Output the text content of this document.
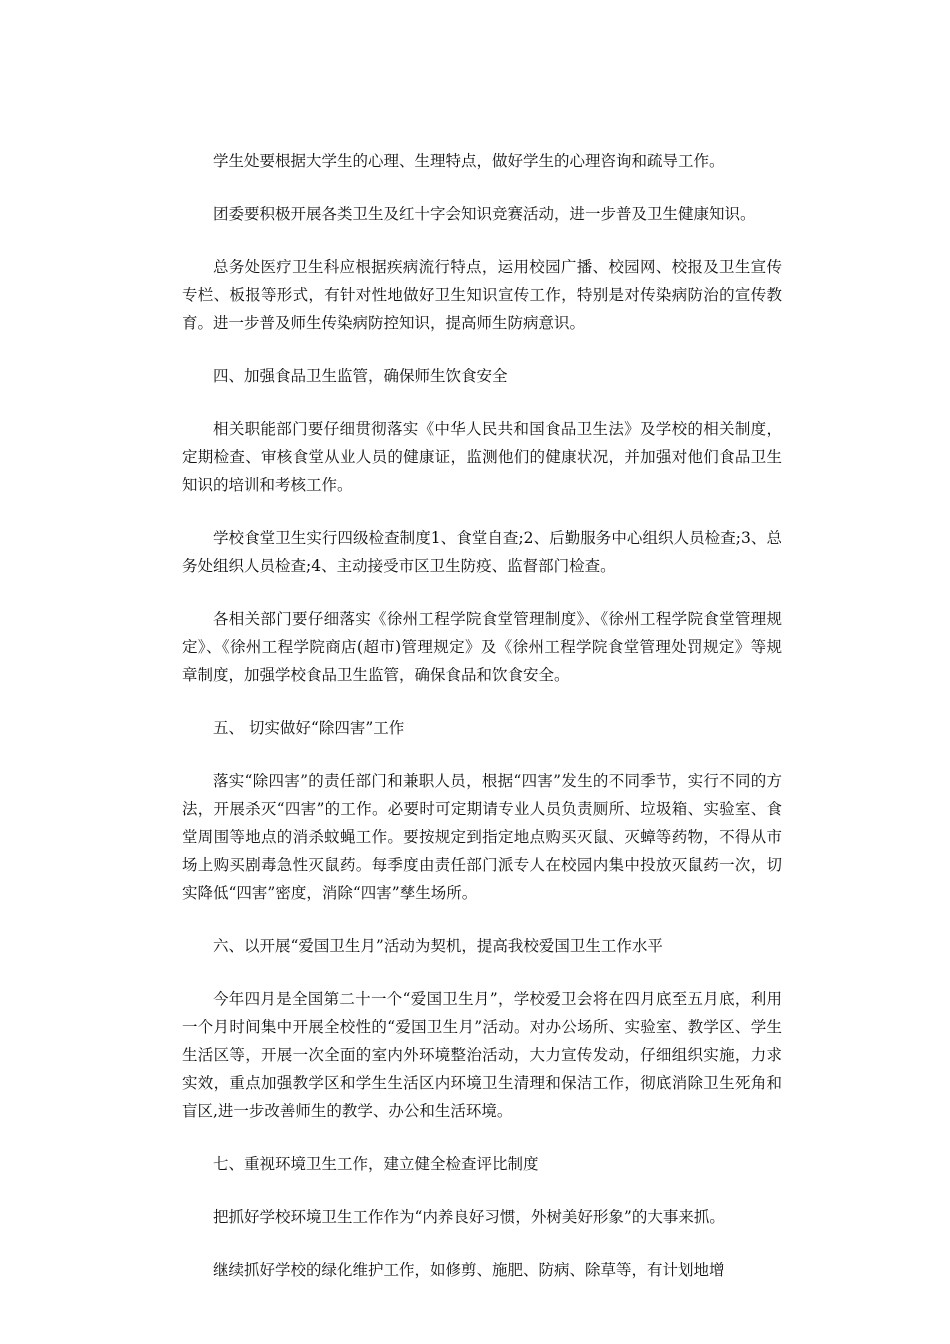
学生处要根据大学生的心理、生理特点，做好学生的心理咨询和疏导工作。

团委要积极开展各类卫生及红十字会知识竞赛活动，进一步普及卫生健康知识。

总务处医疗卫生科应根据疾病流行特点，运用校园广播、校园网、校报及卫生宣传专栏、板报等形式，有针对性地做好卫生知识宣传工作，特别是对传染病防治的宣传教育。进一步普及师生传染病防控知识，提高师生防病意识。

四、加强食品卫生监管，确保师生饮食安全

相关职能部门要仔细贯彻落实《中华人民共和国食品卫生法》及学校的相关制度，定期检查、审核食堂从业人员的健康证，监测他们的健康状况，并加强对他们食品卫生知识的培训和考核工作。

学校食堂卫生实行四级检查制度1、食堂自查;2、后勤服务中心组织人员检查;3、总务处组织人员检查;4、主动接受市区卫生防疫、监督部门检查。

各相关部门要仔细落实《徐州工程学院食堂管理制度》、《徐州工程学院食堂管理规定》、《徐州工程学院商店(超市)管理规定》及《徐州工程学院食堂管理处罚规定》等规章制度，加强学校食品卫生监管，确保食品和饮食安全。

五、 切实做好“除四害”工作

落实“除四害”的责任部门和兼职人员，根据“四害”发生的不同季节，实行不同的方法，开展杀灭“四害”的工作。必要时可定期请专业人员负责厕所、垃圾箱、实验室、食堂周围等地点的消杀蚊蝇工作。要按规定到指定地点购买灭鼠、灭蟑等药物，不得从市场上购买剧毒急性灭鼠药。每季度由责任部门派专人在校园内集中投放灭鼠药一次，切实降低“四害”密度，消除“四害”孳生场所。

六、以开展“爱国卫生月”活动为契机，提高我校爱国卫生工作水平

今年四月是全国第二十一个“爱国卫生月”，学校爱卫会将在四月底至五月底，利用一个月时间集中开展全校性的“爱国卫生月”活动。对办公场所、实验室、教学区、学生生活区等，开展一次全面的室内外环境整治活动，大力宣传发动，仔细组织实施，力求实效，重点加强教学区和学生生活区内环境卫生清理和保洁工作，彻底消除卫生死角和盲区,进一步改善师生的教学、办公和生活环境。

七、重视环境卫生工作，建立健全检查评比制度

把抓好学校环境卫生工作作为“内养良好习惯，外树美好形象”的大事来抓。

继续抓好学校的绿化维护工作，如修剪、施肥、防病、除草等，有计划地增
